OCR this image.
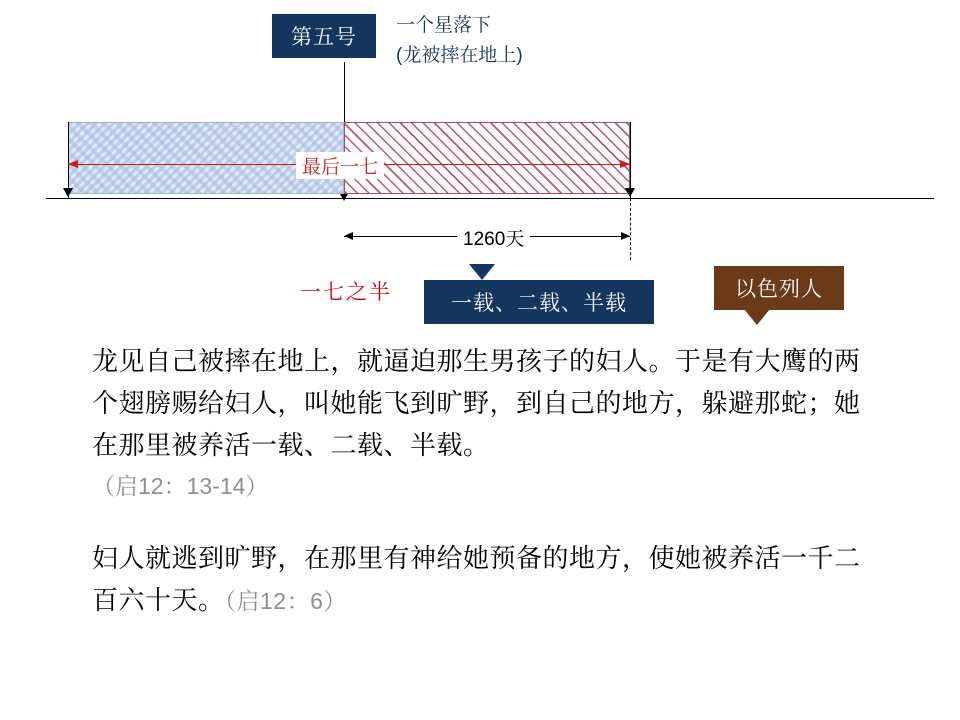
第五号
一个星落下
(龙被摔在地上)
最后一七
1260天
一七之半	一载、二载、半载
以色列人
龙见自己被摔在地上，就逼迫那生男孩子的妇人。于是有大鹰的两个翅膀赐给妇人，叫她能飞到旷野，到自己的地方，躲避那蛇；她在那里被养活一载、二载、半载。
（启12：13-14）
妇人就逃到旷野，在那里有神给她预备的地方，使她被养活一千二百六十天。（启12：6）
